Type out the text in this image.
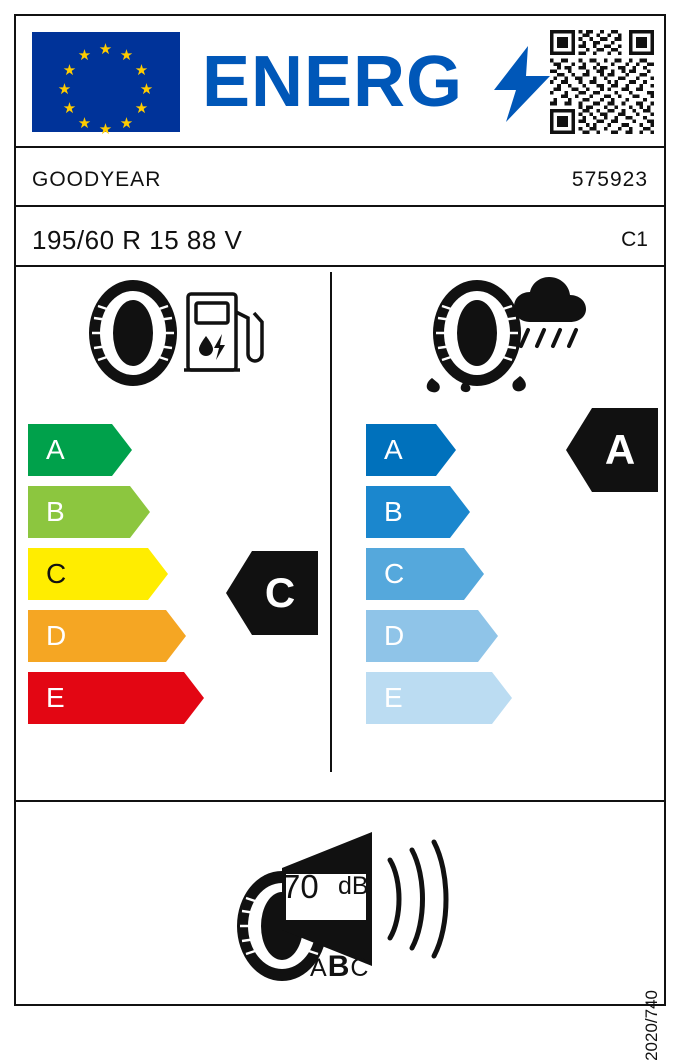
★
★ ★
★	★
★	★
★	★
★ ★
★
ENERG
GOODYEAR	575923
195/60 R 15 88 V	C1
A
B
C
D
E
C
A
B
C
D
E
A
70 dB
ABC
2020/740
